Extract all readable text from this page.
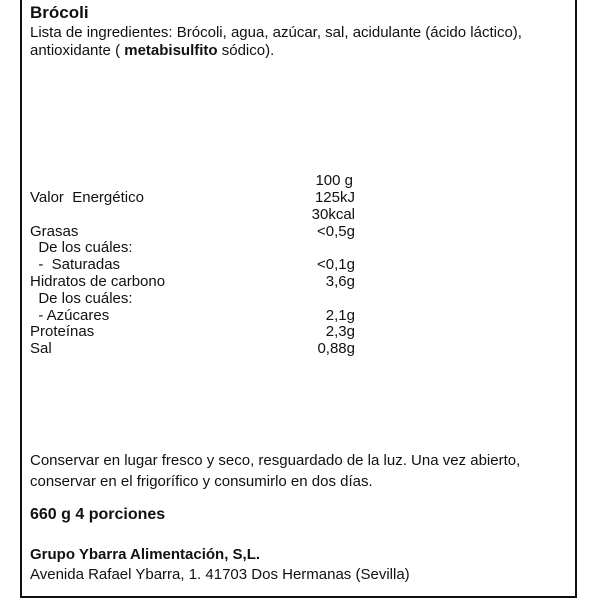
Brócoli
Lista de ingredientes: Brócoli, agua, azúcar, sal, acidulante (ácido láctico), antioxidante ( metabisulfito sódico).
100 g
Valor  Energético	125kJ
30kcal
Grasas	<0,5g
De los cuáles:
-  Saturadas	<0,1g
Hidratos de carbono	3,6g
De los cuáles:
- Azúcares	2,1g
Proteínas	2,3g
Sal	0,88g
Conservar en lugar fresco y seco, resguardado de la luz. Una vez abierto, conservar en el frigorífico y consumirlo en dos días.
660 g 4 porciones
Grupo Ybarra Alimentación, S,L.
Avenida Rafael Ybarra, 1. 41703 Dos Hermanas (Sevilla)
